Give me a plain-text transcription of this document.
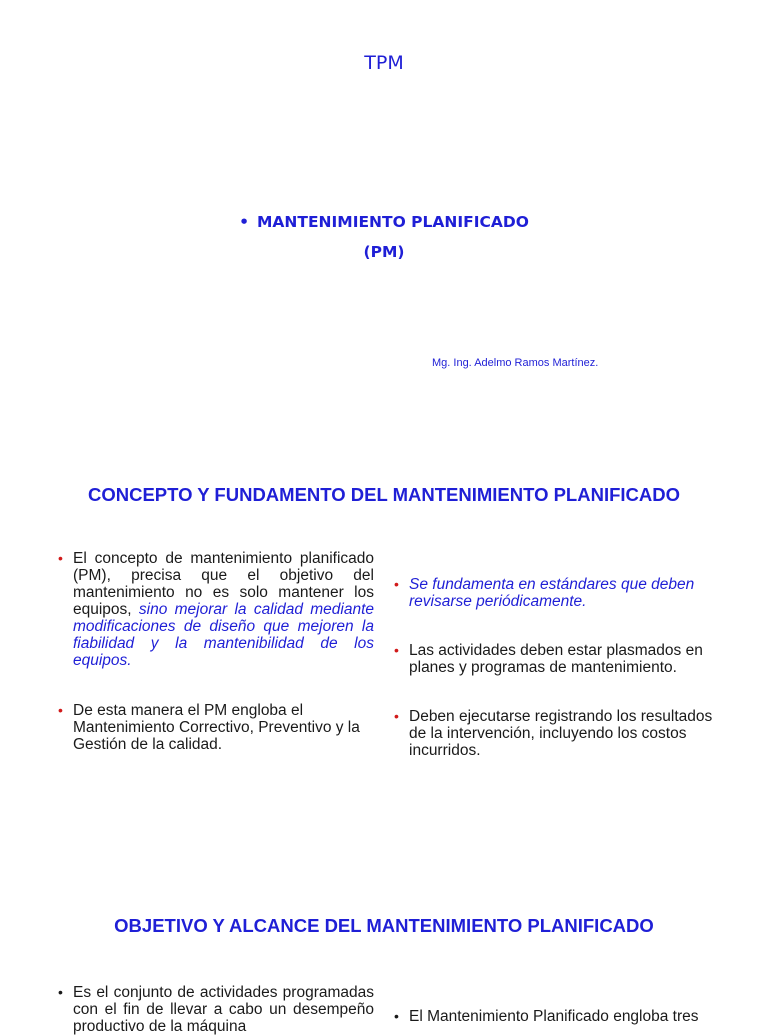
TPM
• MANTENIMIENTO PLANIFICADO
(PM)
Mg. Ing. Adelmo Ramos Martínez.
CONCEPTO Y FUNDAMENTO DEL MANTENIMIENTO PLANIFICADO
• El concepto de mantenimiento planificado (PM), precisa que el objetivo del mantenimiento no es solo mantener los equipos, sino mejorar la calidad mediante modificaciones de diseño que mejoren la fiabilidad y la mantenibilidad de los equipos.
• De esta manera el PM engloba el Mantenimiento Correctivo, Preventivo y la Gestión de la calidad.
• Se fundamenta en estándares que deben revisarse periódicamente.
• Las actividades deben estar plasmados en planes y programas de mantenimiento.
• Deben ejecutarse registrando los resultados de la intervención, incluyendo los costos incurridos.
OBJETIVO Y ALCANCE DEL MANTENIMIENTO PLANIFICADO
• Es el conjunto de actividades programadas con el fin de llevar a cabo un desempeño productivo de la máquina
• El Mantenimiento Planificado engloba tres
